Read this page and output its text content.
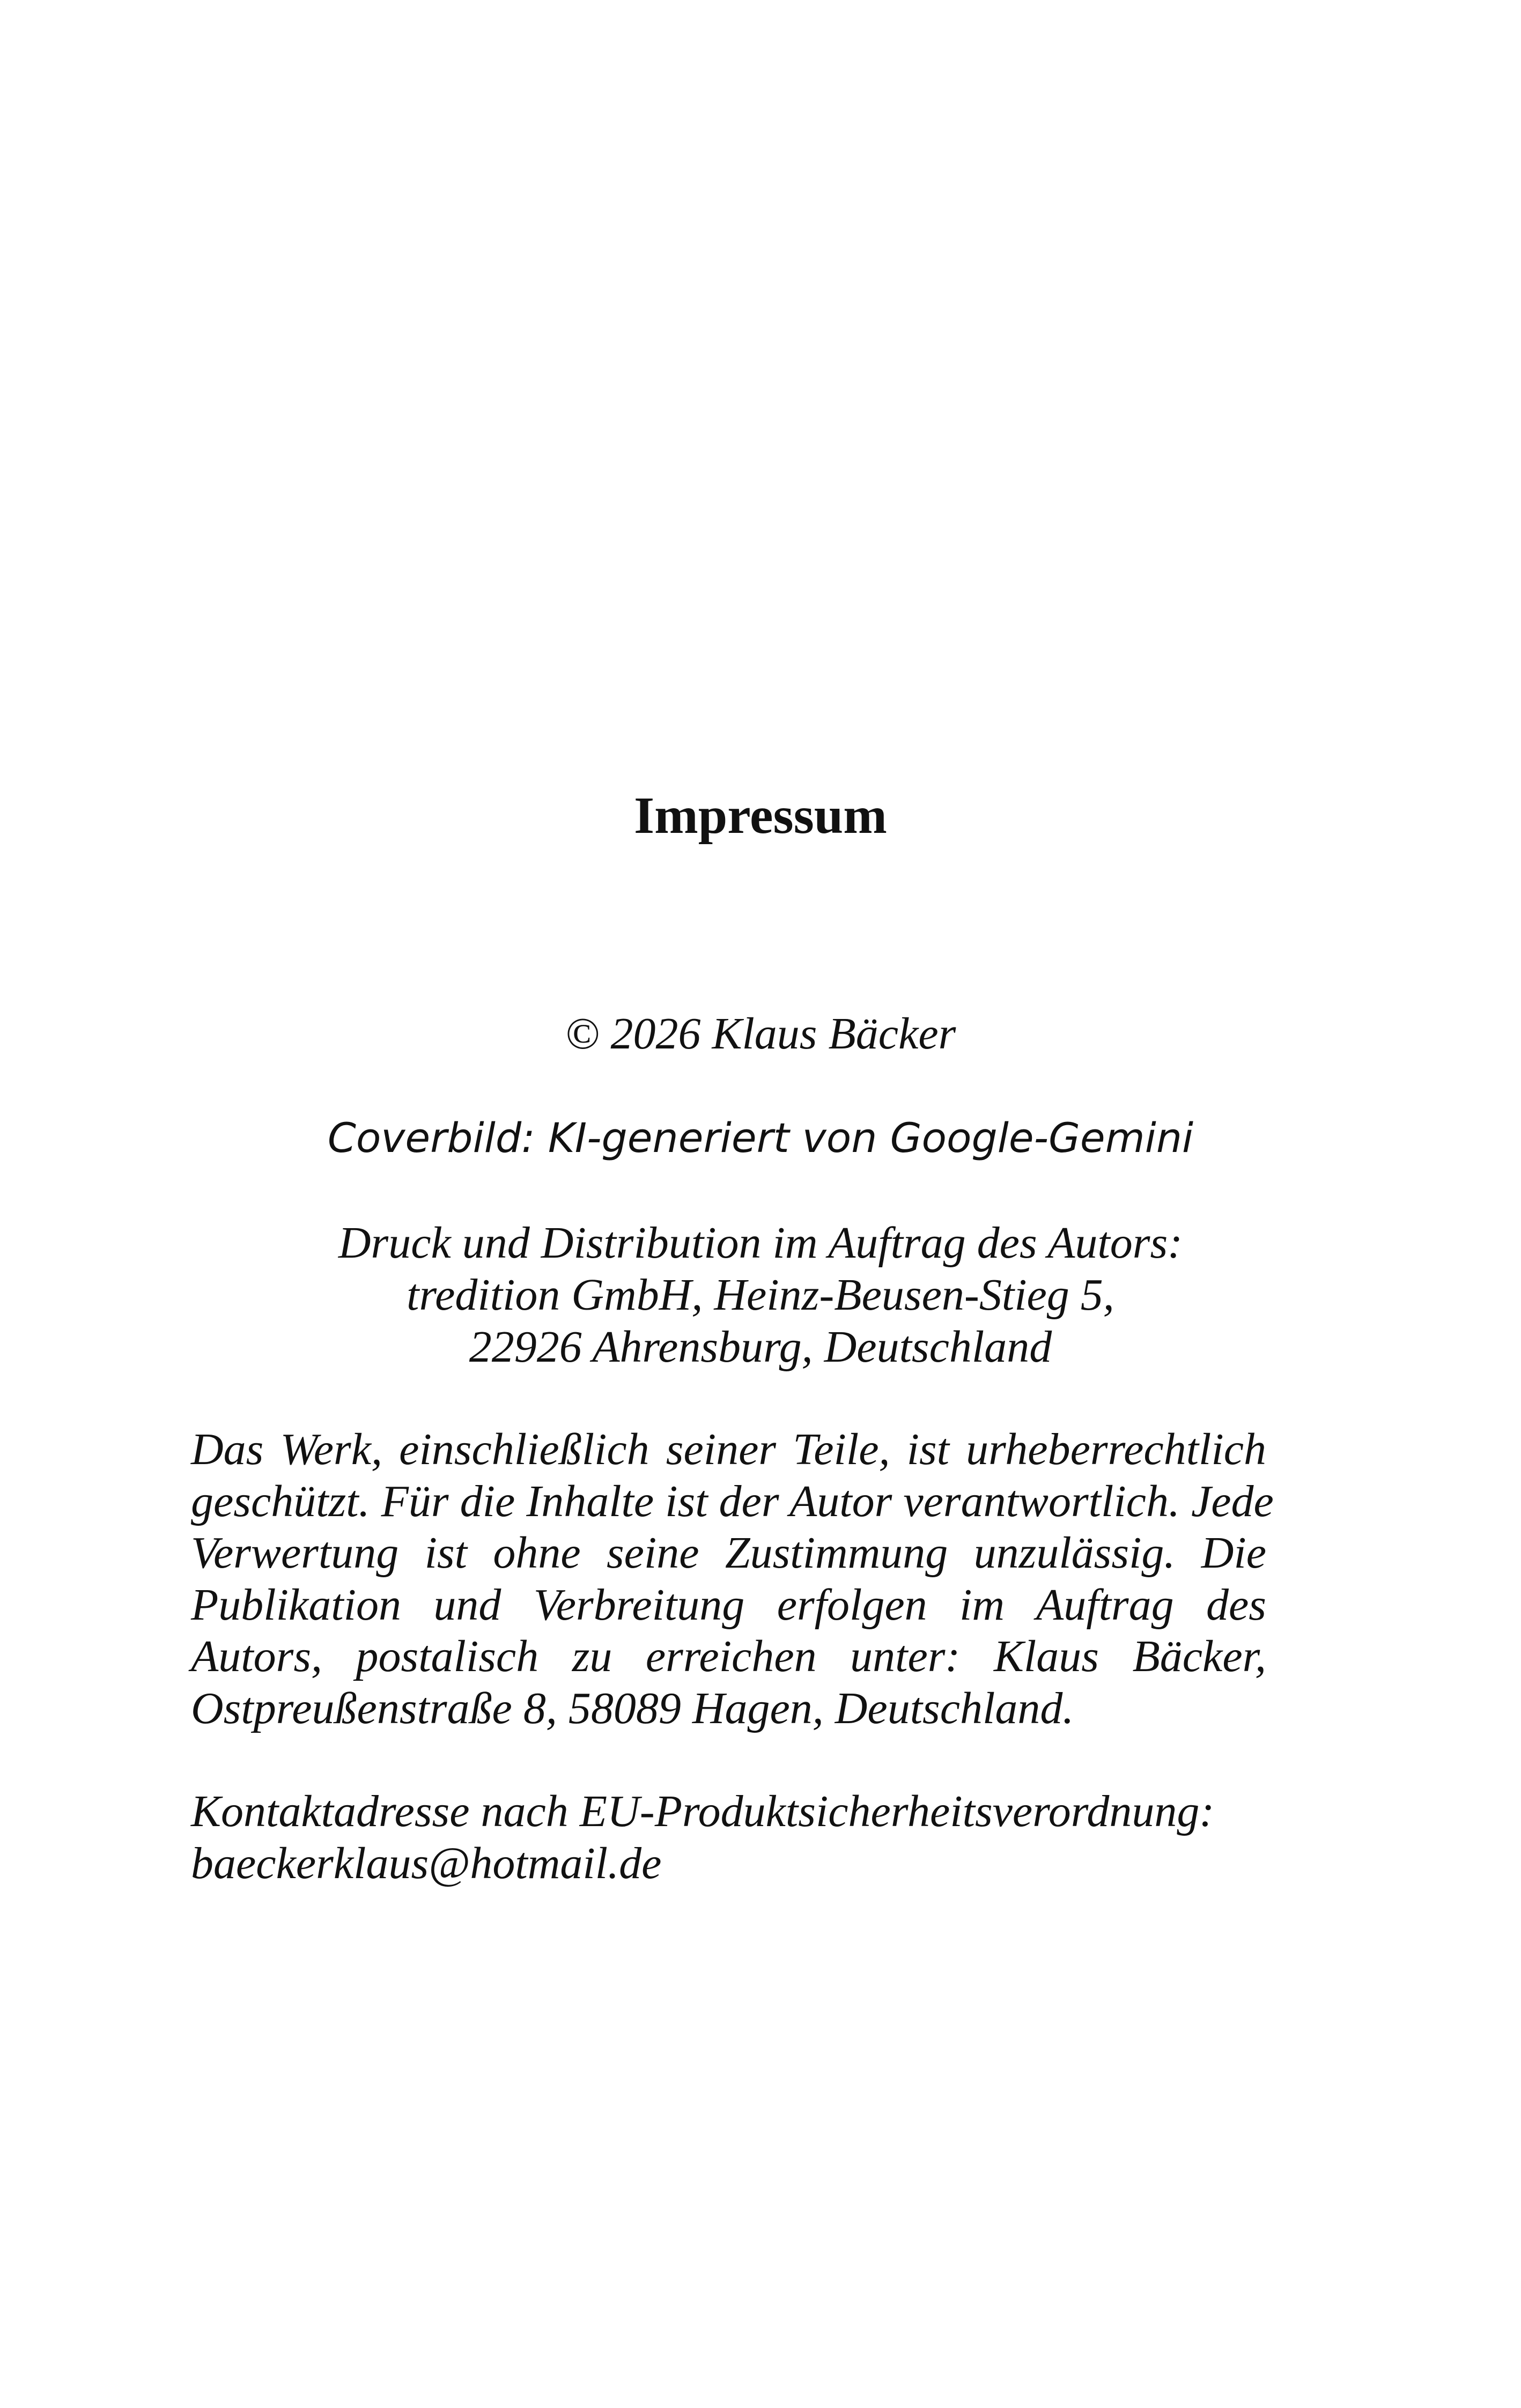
Impressum

© 2026 Klaus Bäcker

Coverbild: KI-generiert von Google-Gemini

Druck und Distribution im Auftrag des Autors:

tredition GmbH, Heinz-Beusen-Stieg 5,

22926 Ahrensburg, Deutschland

Das Werk, einschließlich seiner Teile, ist urheberrechtlich
geschützt. Für die Inhalte ist der Autor verantwortlich. Jede
Verwertung ist ohne seine Zustimmung unzulässig. Die
Publikation und Verbreitung erfolgen im Auftrag des
Autors, postalisch zu erreichen unter: Klaus Bäcker,
Ostpreußenstraße 8, 58089 Hagen, Deutschland.
Kontaktadresse nach EU-Produktsicherheitsverordnung:
baeckerklaus@hotmail.de
